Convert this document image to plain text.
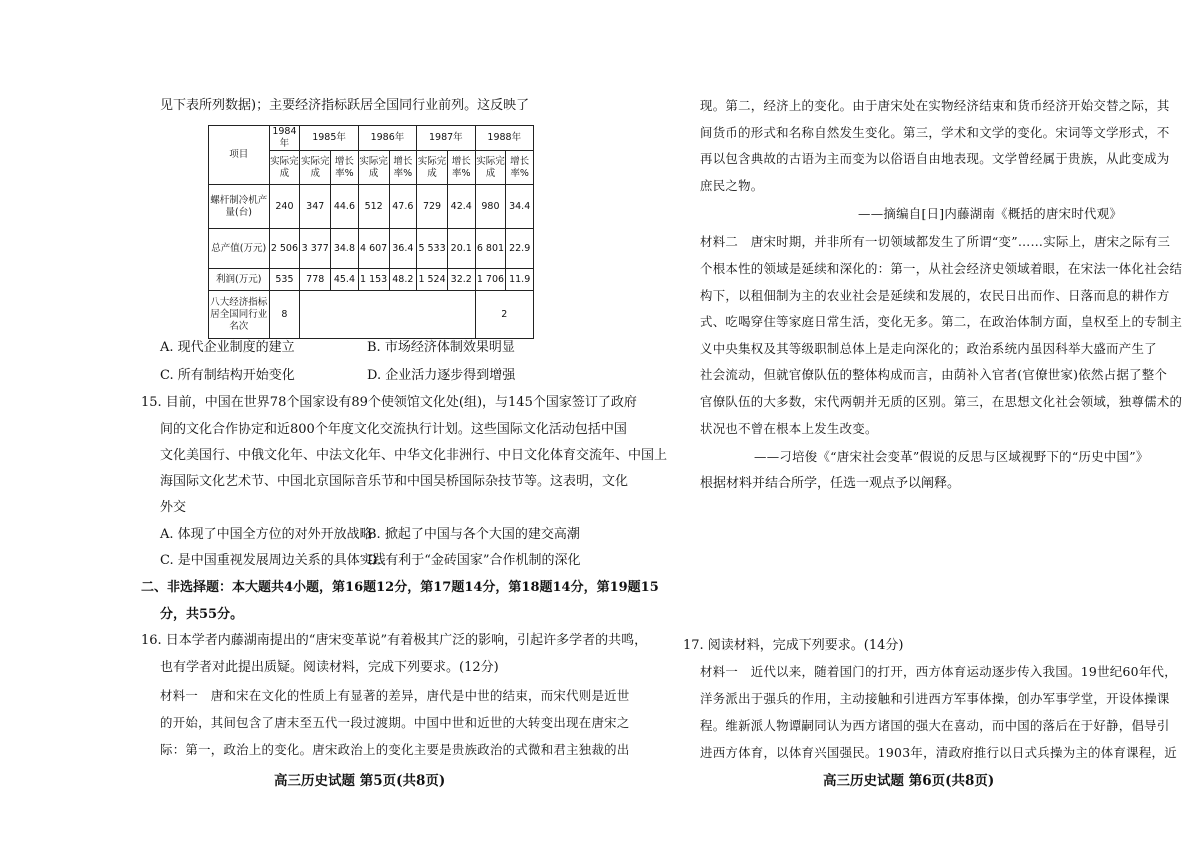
见下表所列数据)；主要经济指标跃居全国同行业前列。这反映了
项目	1984年	1985年		1986年		1987年		1988年	
	实际完成	实际完成	增长率%	实际完成	增长率%	实际完成	增长率%	实际完成	增长率%
螺杆制冷机产量(台)	240	347	44.6	512	47.6	729	42.4	980	34.4
总产值(万元)	2 506	3 377	34.8	4 607	36.4	5 533	20.1	6 801	22.9
利润(万元)	535	778	45.4	1 153	48.2	1 524	32.2	1 706	11.9
八大经济指标居全国同行业名次	8							2	
A. 现代企业制度的建立	B. 市场经济体制效果明显
C. 所有制结构开始变化	D. 企业活力逐步得到增强
15. 目前，中国在世界78个国家设有89个使领馆文化处(组)，与145个国家签订了政府
间的文化合作协定和近800个年度文化交流执行计划。这些国际文化活动包括中国
文化美国行、中俄文化年、中法文化年、中华文化非洲行、中日文化体育交流年、中国上
海国际文化艺术节、中国北京国际音乐节和中国吴桥国际杂技节等。这表明，文化
外交
A. 体现了中国全方位的对外开放战略
B. 掀起了中国与各个大国的建交高潮
C. 是中国重视发展周边关系的具体实践
D. 有利于“金砖国家”合作机制的深化
二、非选择题：本大题共4小题，第16题12分，第17题14分，第18题14分，第19题15
分，共55分。
16. 日本学者内藤湖南提出的“唐宋变革说”有着极其广泛的影响，引起许多学者的共鸣，
也有学者对此提出质疑。阅读材料，完成下列要求。(12分)
材料一　唐和宋在文化的性质上有显著的差异，唐代是中世的结束，而宋代则是近世
的开始，其间包含了唐末至五代一段过渡期。中国中世和近世的大转变出现在唐宋之
际：第一，政治上的变化。唐宋政治上的变化主要是贵族政治的式微和君主独裁的出
高三历史试题 第5页(共8页)
现。第二，经济上的变化。由于唐宋处在实物经济结束和货币经济开始交替之际，其
间货币的形式和名称自然发生变化。第三，学术和文学的变化。宋词等文学形式，不
再以包含典故的古语为主而变为以俗语自由地表现。文学曾经属于贵族，从此变成为
庶民之物。
——摘编自[日]内藤湖南《概括的唐宋时代观》
材料二　唐宋时期，并非所有一切领域都发生了所谓“变”……实际上，唐宋之际有三
个根本性的领域是延续和深化的：第一，从社会经济史领域着眼，在宋法一体化社会结
构下，以租佃制为主的农业社会是延续和发展的，农民日出而作、日落而息的耕作方
式、吃喝穿住等家庭日常生活，变化无多。第二，在政治体制方面，皇权至上的专制主
义中央集权及其等级职制总体上是走向深化的；政治系统内虽因科举大盛而产生了
社会流动，但就官僚队伍的整体构成而言，由荫补入官者(官僚世家)依然占据了整个
官僚队伍的大多数，宋代两朝并无质的区别。第三，在思想文化社会领域，独尊儒术的
状况也不曾在根本上发生改变。
——刁培俊《“唐宋社会变革”假说的反思与区域视野下的“历史中国”》
根据材料并结合所学，任选一观点予以阐释。
17. 阅读材料，完成下列要求。(14分)
材料一　近代以来，随着国门的打开，西方体育运动逐步传入我国。19世纪60年代，
洋务派出于强兵的作用，主动接触和引进西方军事体操，创办军事学堂，开设体操课
程。维新派人物谭嗣同认为西方诸国的强大在喜动，而中国的落后在于好静，倡导引
进西方体育，以体育兴国强民。1903年，清政府推行以日式兵操为主的体育课程，近
高三历史试题 第6页(共8页)
